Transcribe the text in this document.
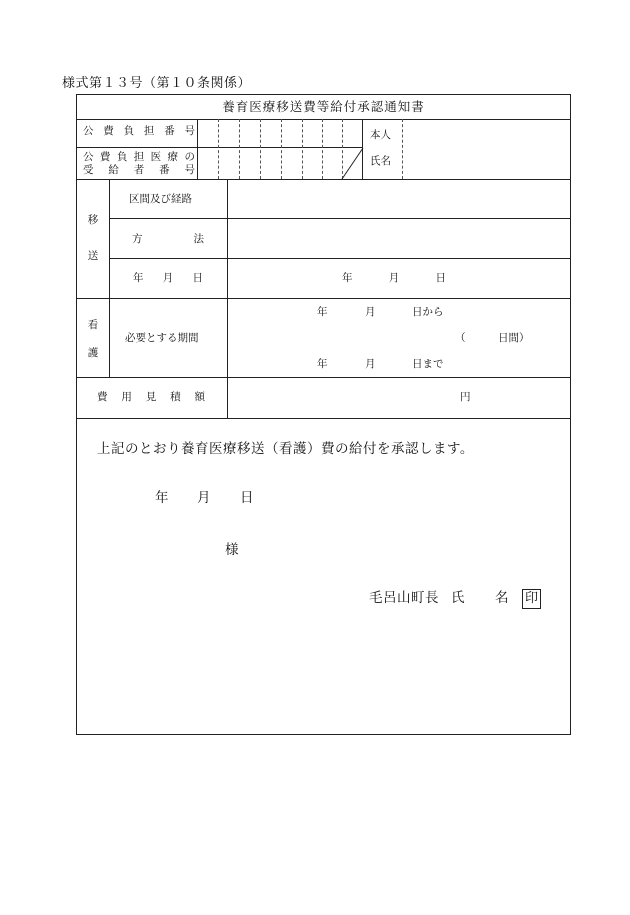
様式第１３号（第１０条関係）
養育医療移送費等給付承認通知書
公 費 負 担 番 号
公 費 負 担 医 療 の
受 給 者 番 号
本人
氏名
移
送
区間及び経路
方	法
年 月 日	年	月	日
看
護
必要とする期間
年	月	日から
（	日間）
年	月	日まで
費 用 見 積 額	円
上記のとおり養育医療移送（看護）費の給付を承認します。
年 月 日
様
毛呂山町長 氏 名 印
